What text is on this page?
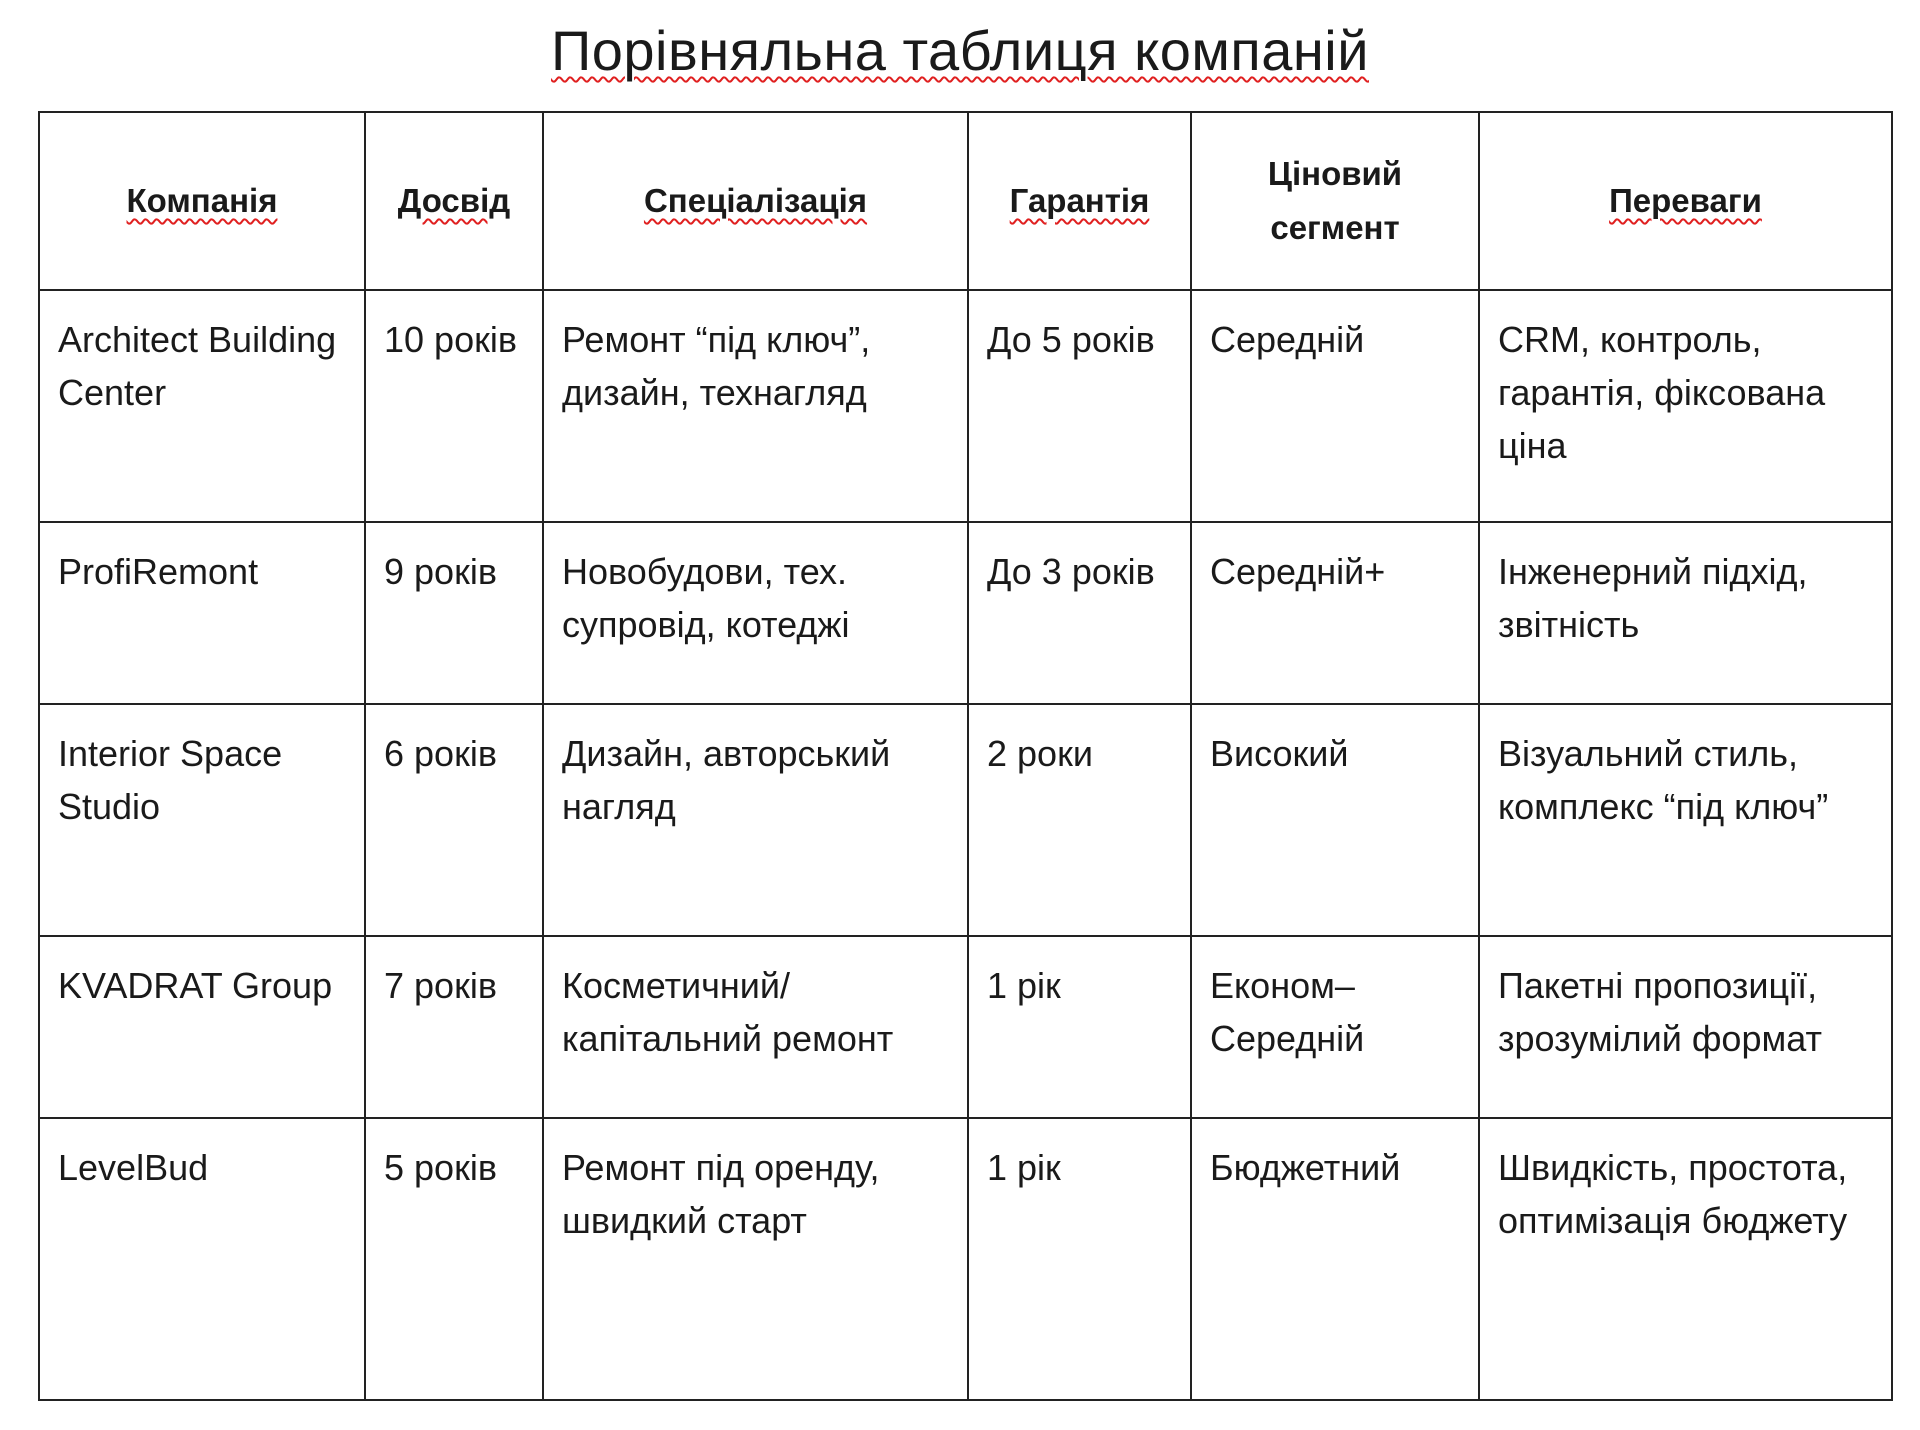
Порівняльна таблиця компаній
Компанія	Досвід	Спеціалізація	Гарантія	Ціновий сегмент	Переваги

Architect Building Center	10 років	Ремонт “під ключ”, дизайн, технагляд	До 5 років	Середній	CRM, контроль, гарантія, фіксована ціна

ProfiRemont	9 років	Новобудови, тех. супровід, котеджі	До 3 років	Середній+	Інженерний підхід, звітність

Interior Space Studio	6 років	Дизайн, авторський нагляд	2 роки	Високий	Візуальний стиль, комплекс “під ключ”

KVADRAT Group	7 років	Косметичний/капітальний ремонт	1 рік	Економ–Середній	Пакетні пропозиції, зрозумілий формат

LevelBud	5 років	Ремонт під оренду, швидкий старт	1 рік	Бюджетний	Швидкість, простота, оптимізація бюджету
